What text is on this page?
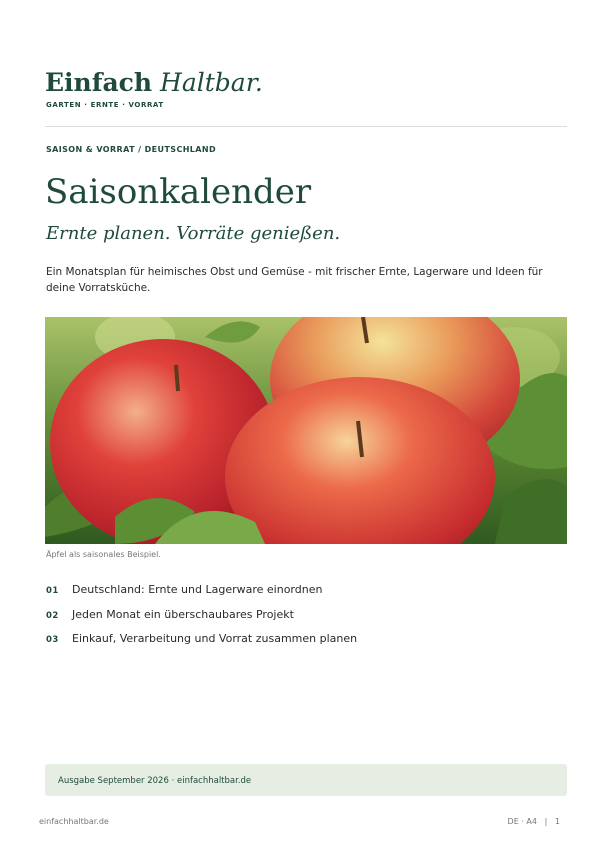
Einfach Haltbar.
GARTEN · ERNTE · VORRAT
SAISON & VORRAT / DEUTSCHLAND
Saisonkalender
Ernte planen. Vorräte genießen.

Ein Monatsplan für heimisches Obst und Gemüse - mit frischer Ernte, Lagerware und Ideen für deine Vorratsküche.

Äpfel als saisonales Beispiel.
01	Deutschland: Ernte und Lagerware einordnen
02	Jeden Monat ein überschaubares Projekt
03	Einkauf, Verarbeitung und Vorrat zusammen planen
Ausgabe September 2026 · einfachhaltbar.de
einfachhaltbar.de	DE · A4   |   1
